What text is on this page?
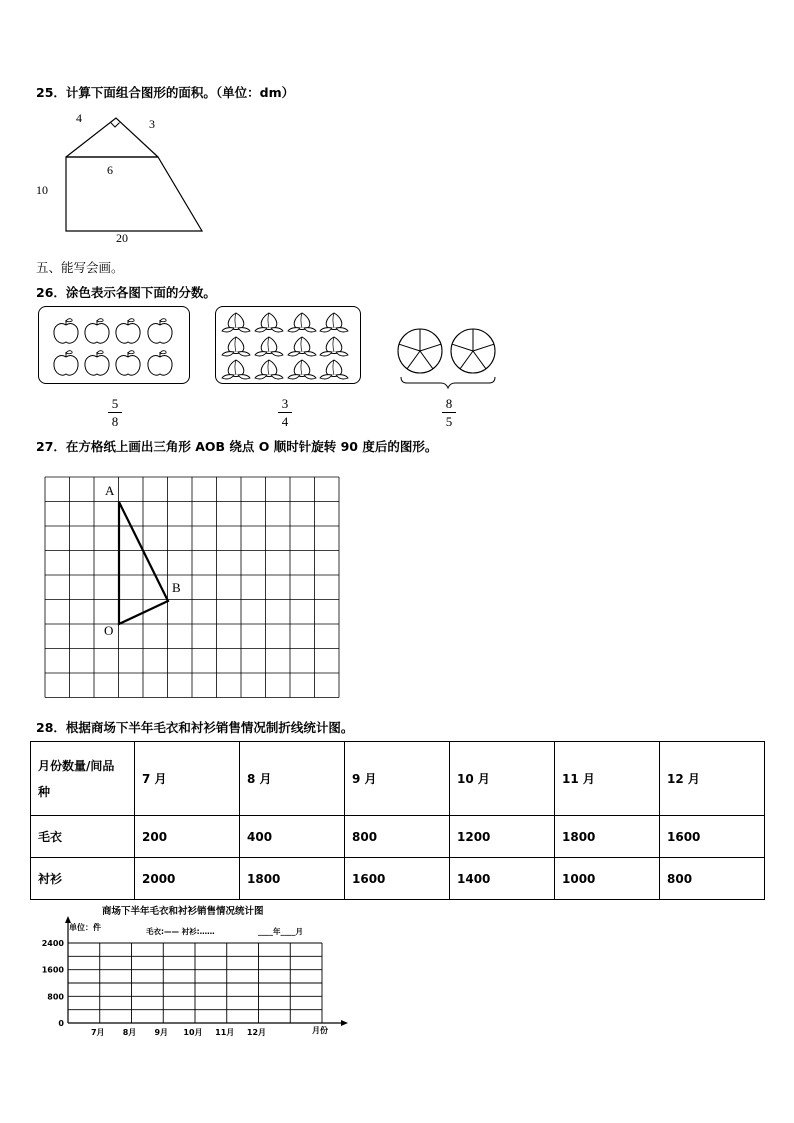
25．计算下面组合图形的面积。（单位：dm）
4	3
6
10
20
五、能写会画。
26．涂色表示各图下面的分数。
5
8
3
4
8
5
27．在方格纸上画出三角形 AOB 绕点 O 顺时针旋转 90 度后的图形。
A
B
O
28．根据商场下半年毛衣和衬衫销售情况制折线统计图。
月份数量/间品
种	7 月	8 月	9 月	10 月	11 月	12 月
毛衣	200	400	800	1200	1800	1600
衬衫	2000	1800	1600	1400	1000	800
商场下半年毛衣和衬衫销售情况统计图
单位：件	毛衣:—— 衬衫:……	____年____月
月份
0
800
1600
2400
7月 8月 9月 10月 11月 12月
